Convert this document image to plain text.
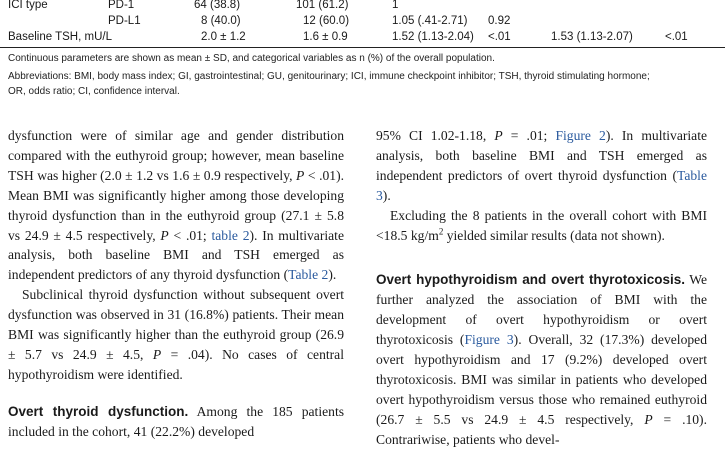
ICI type	PD-1	64 (38.8)	101 (61.2)	1
PD-L1	8 (40.0)	12 (60.0)	1.05 (.41-2.71) 0.92
Baseline TSH, mU/L	2.0 ± 1.2	1.6 ± 0.9	1.52 (1.13-2.04) <.01	1.53 (1.13-2.07)	<.01
Continuous parameters are shown as mean ± SD, and categorical variables as n (%) of the overall population.
Abbreviations: BMI, body mass index; GI, gastrointestinal; GU, genitourinary; ICI, immune checkpoint inhibitor; TSH, thyroid stimulating hormone;
OR, odds ratio; CI, confidence interval.

dysfunction were of similar age and gender distribution compared with the euthyroid group; however, mean baseline TSH was higher (2.0 ± 1.2 vs 1.6 ± 0.9 respectively, P < .01). Mean BMI was significantly higher among those developing thyroid dysfunction than in the euthyroid group (27.1 ± 5.8 vs 24.9 ± 4.5 respectively, P < .01; table 2). In multivariate analysis, both baseline BMI and TSH emerged as independent predictors of any thyroid dysfunction (Table 2).

Subclinical thyroid dysfunction without subsequent overt dysfunction was observed in 31 (16.8%) patients. Their mean BMI was significantly higher than the euthyroid group (26.9 ± 5.7 vs 24.9 ± 4.5, P = .04). No cases of central hypothyroidism were identified.

Overt thyroid dysfunction. Among the 185 patients included in the cohort, 41 (22.2%) developed

95% CI 1.02-1.18, P = .01; Figure 2). In multivariate analysis, both baseline BMI and TSH emerged as independent predictors of overt thyroid dysfunction (Table 3).

Excluding the 8 patients in the overall cohort with BMI <18.5 $kg/m^2$ yielded similar results (data not shown).

Overt hypothyroidism and overt thyrotoxicosis. We further analyzed the association of BMI with the development of overt hypothyroidism or overt thyrotoxicosis (Figure 3). Overall, 32 (17.3%) developed overt hypothyroidism and 17 (9.2%) developed overt thyrotoxicosis. BMI was similar in patients who developed overt hypothyroidism versus those who remained euthyroid (26.7 ± 5.5 vs 24.9 ± 4.5 respectively, P = .10). Contrariwise, patients who devel-
